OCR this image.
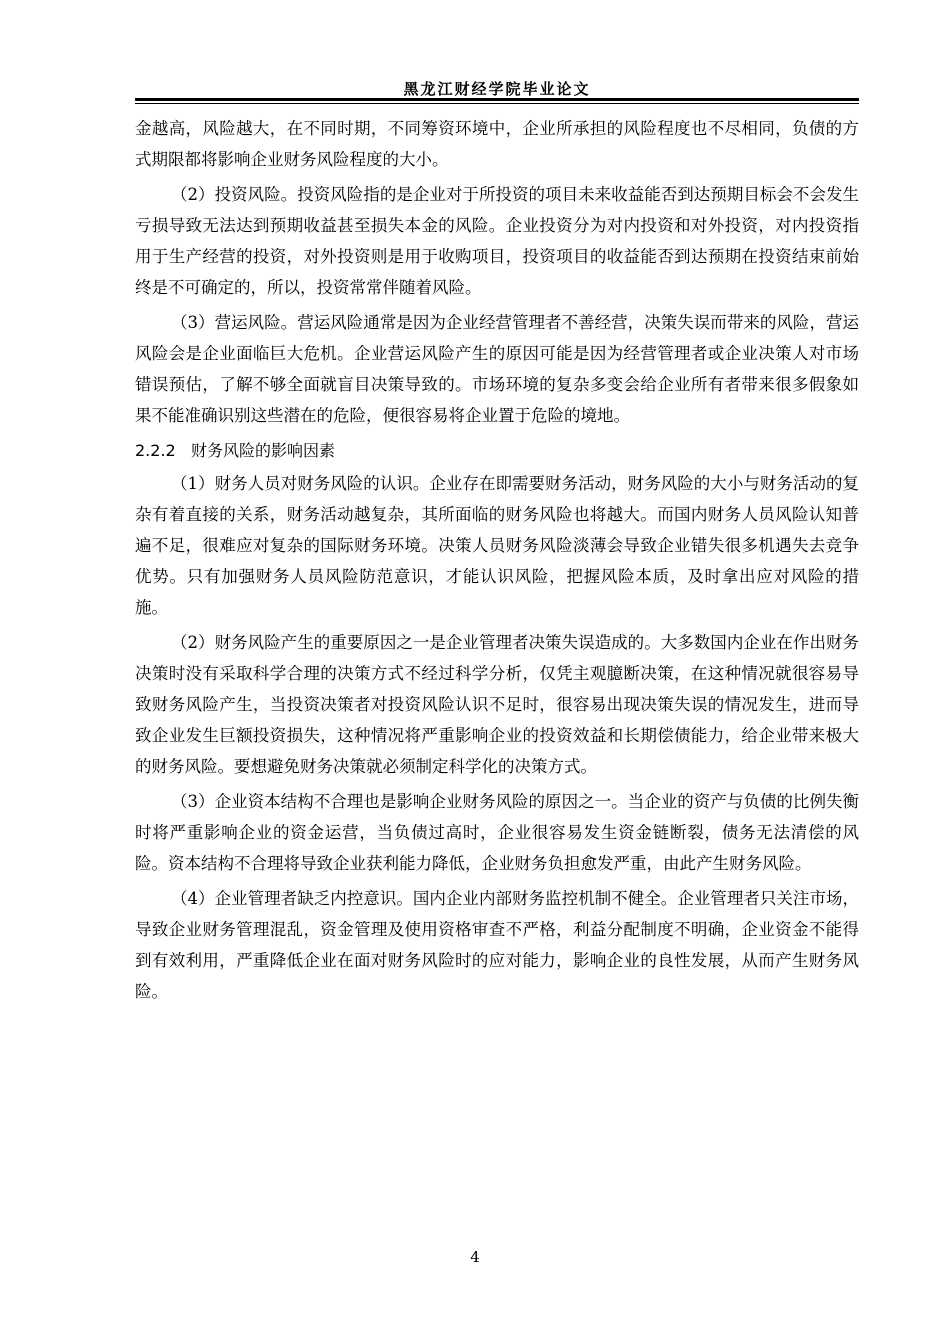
黑龙江财经学院毕业论文

金越高，风险越大，在不同时期，不同筹资环境中，企业所承担的风险程度也不尽相同，负债的方式期限都将影响企业财务风险程度的大小。

（2）投资风险。投资风险指的是企业对于所投资的项目未来收益能否到达预期目标会不会发生亏损导致无法达到预期收益甚至损失本金的风险。企业投资分为对内投资和对外投资，对内投资指用于生产经营的投资，对外投资则是用于收购项目，投资项目的收益能否到达预期在投资结束前始终是不可确定的，所以，投资常常伴随着风险。

（3）营运风险。营运风险通常是因为企业经营管理者不善经营，决策失误而带来的风险，营运风险会是企业面临巨大危机。企业营运风险产生的原因可能是因为经营管理者或企业决策人对市场错误预估，了解不够全面就盲目决策导致的。市场环境的复杂多变会给企业所有者带来很多假象如果不能准确识别这些潜在的危险，便很容易将企业置于危险的境地。

2.2.2 财务风险的影响因素

（1）财务人员对财务风险的认识。企业存在即需要财务活动，财务风险的大小与财务活动的复杂有着直接的关系，财务活动越复杂，其所面临的财务风险也将越大。而国内财务人员风险认知普遍不足，很难应对复杂的国际财务环境。决策人员财务风险淡薄会导致企业错失很多机遇失去竞争优势。只有加强财务人员风险防范意识，才能认识风险，把握风险本质，及时拿出应对风险的措施。

（2）财务风险产生的重要原因之一是企业管理者决策失误造成的。大多数国内企业在作出财务决策时没有采取科学合理的决策方式不经过科学分析，仅凭主观臆断决策，在这种情况就很容易导致财务风险产生，当投资决策者对投资风险认识不足时，很容易出现决策失误的情况发生，进而导致企业发生巨额投资损失，这种情况将严重影响企业的投资效益和长期偿债能力，给企业带来极大的财务风险。要想避免财务决策就必须制定科学化的决策方式。

（3）企业资本结构不合理也是影响企业财务风险的原因之一。当企业的资产与负债的比例失衡时将严重影响企业的资金运营，当负债过高时，企业很容易发生资金链断裂，债务无法清偿的风险。资本结构不合理将导致企业获利能力降低，企业财务负担愈发严重，由此产生财务风险。

（4）企业管理者缺乏内控意识。国内企业内部财务监控机制不健全。企业管理者只关注市场，导致企业财务管理混乱，资金管理及使用资格审查不严格，利益分配制度不明确，企业资金不能得到有效利用，严重降低企业在面对财务风险时的应对能力，影响企业的良性发展，从而产生财务风险。

4
